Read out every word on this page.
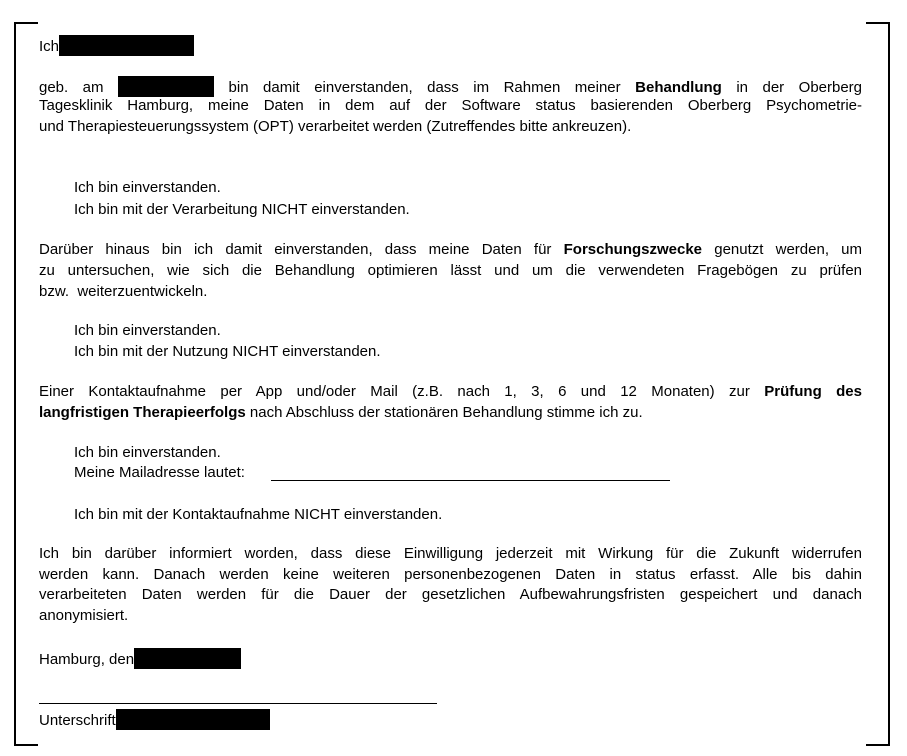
Ich
geb. am	bin damit einverstanden, dass im Rahmen meiner Behandlung in der Oberberg
Tagesklinik Hamburg, meine Daten in dem auf der Software status basierenden Oberberg Psychometrie-
und Therapiesteuerungssystem (OPT) verarbeitet werden (Zutreffendes bitte ankreuzen).
Ich bin einverstanden.
Ich bin mit der Verarbeitung NICHT einverstanden.
Darüber hinaus bin ich damit einverstanden, dass meine Daten für Forschungszwecke genutzt werden, um
zu untersuchen, wie sich die Behandlung optimieren lässt und um die verwendeten Fragebögen zu prüfen
bzw.  weiterzuentwickeln.
Ich bin einverstanden.
Ich bin mit der Nutzung NICHT einverstanden.
Einer Kontaktaufnahme per App und/oder Mail (z.B. nach 1, 3, 6 und 12 Monaten) zur Prüfung des
langfristigen Therapieerfolgs nach Abschluss der stationären Behandlung stimme ich zu.
Ich bin einverstanden.
Meine Mailadresse lautet:
Ich bin mit der Kontaktaufnahme NICHT einverstanden.
Ich bin darüber informiert worden, dass diese Einwilligung jederzeit mit Wirkung für die Zukunft widerrufen
werden kann. Danach werden keine weiteren personenbezogenen Daten in status erfasst. Alle bis dahin
verarbeiteten Daten werden für die Dauer der gesetzlichen Aufbewahrungsfristen gespeichert und danach
anonymisiert.
Hamburg, den
Unterschrift
